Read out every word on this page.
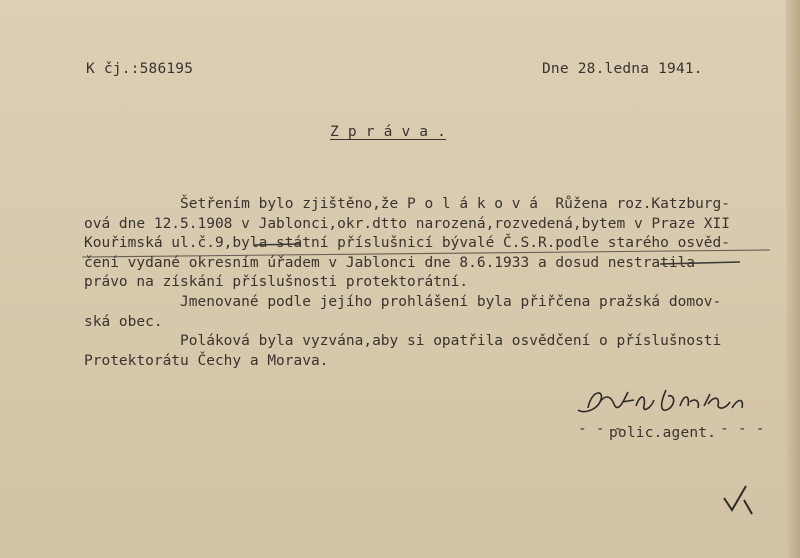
K čj.:586195	Dne 28.ledna 1941.
Z p r á v a .
Šetřením bylo zjištěno,že P o l á k o v á  Růžena roz.Katzburg-
ová dne 12.5.1908 v Jablonci,okr.dtto narozená,rozvedená,bytem v Praze XII
Kouřimská ul.č.9,byla státní příslušnicí bývalé Č.S.R.podle starého osvěd-
čení vydané okresním úřadem v Jablonci dne 8.6.1933 a dosud nestratila
právo na získání příslušnosti protektorátní.
Jmenované podle jejího prohlášení byla přiřčena pražská domov-
ská obec.
Poláková byla vyzvána,aby si opatřila osvědčení o příslušnosti
Protektorátu Čechy a Morava.
- - -
polic.agent. - - -
